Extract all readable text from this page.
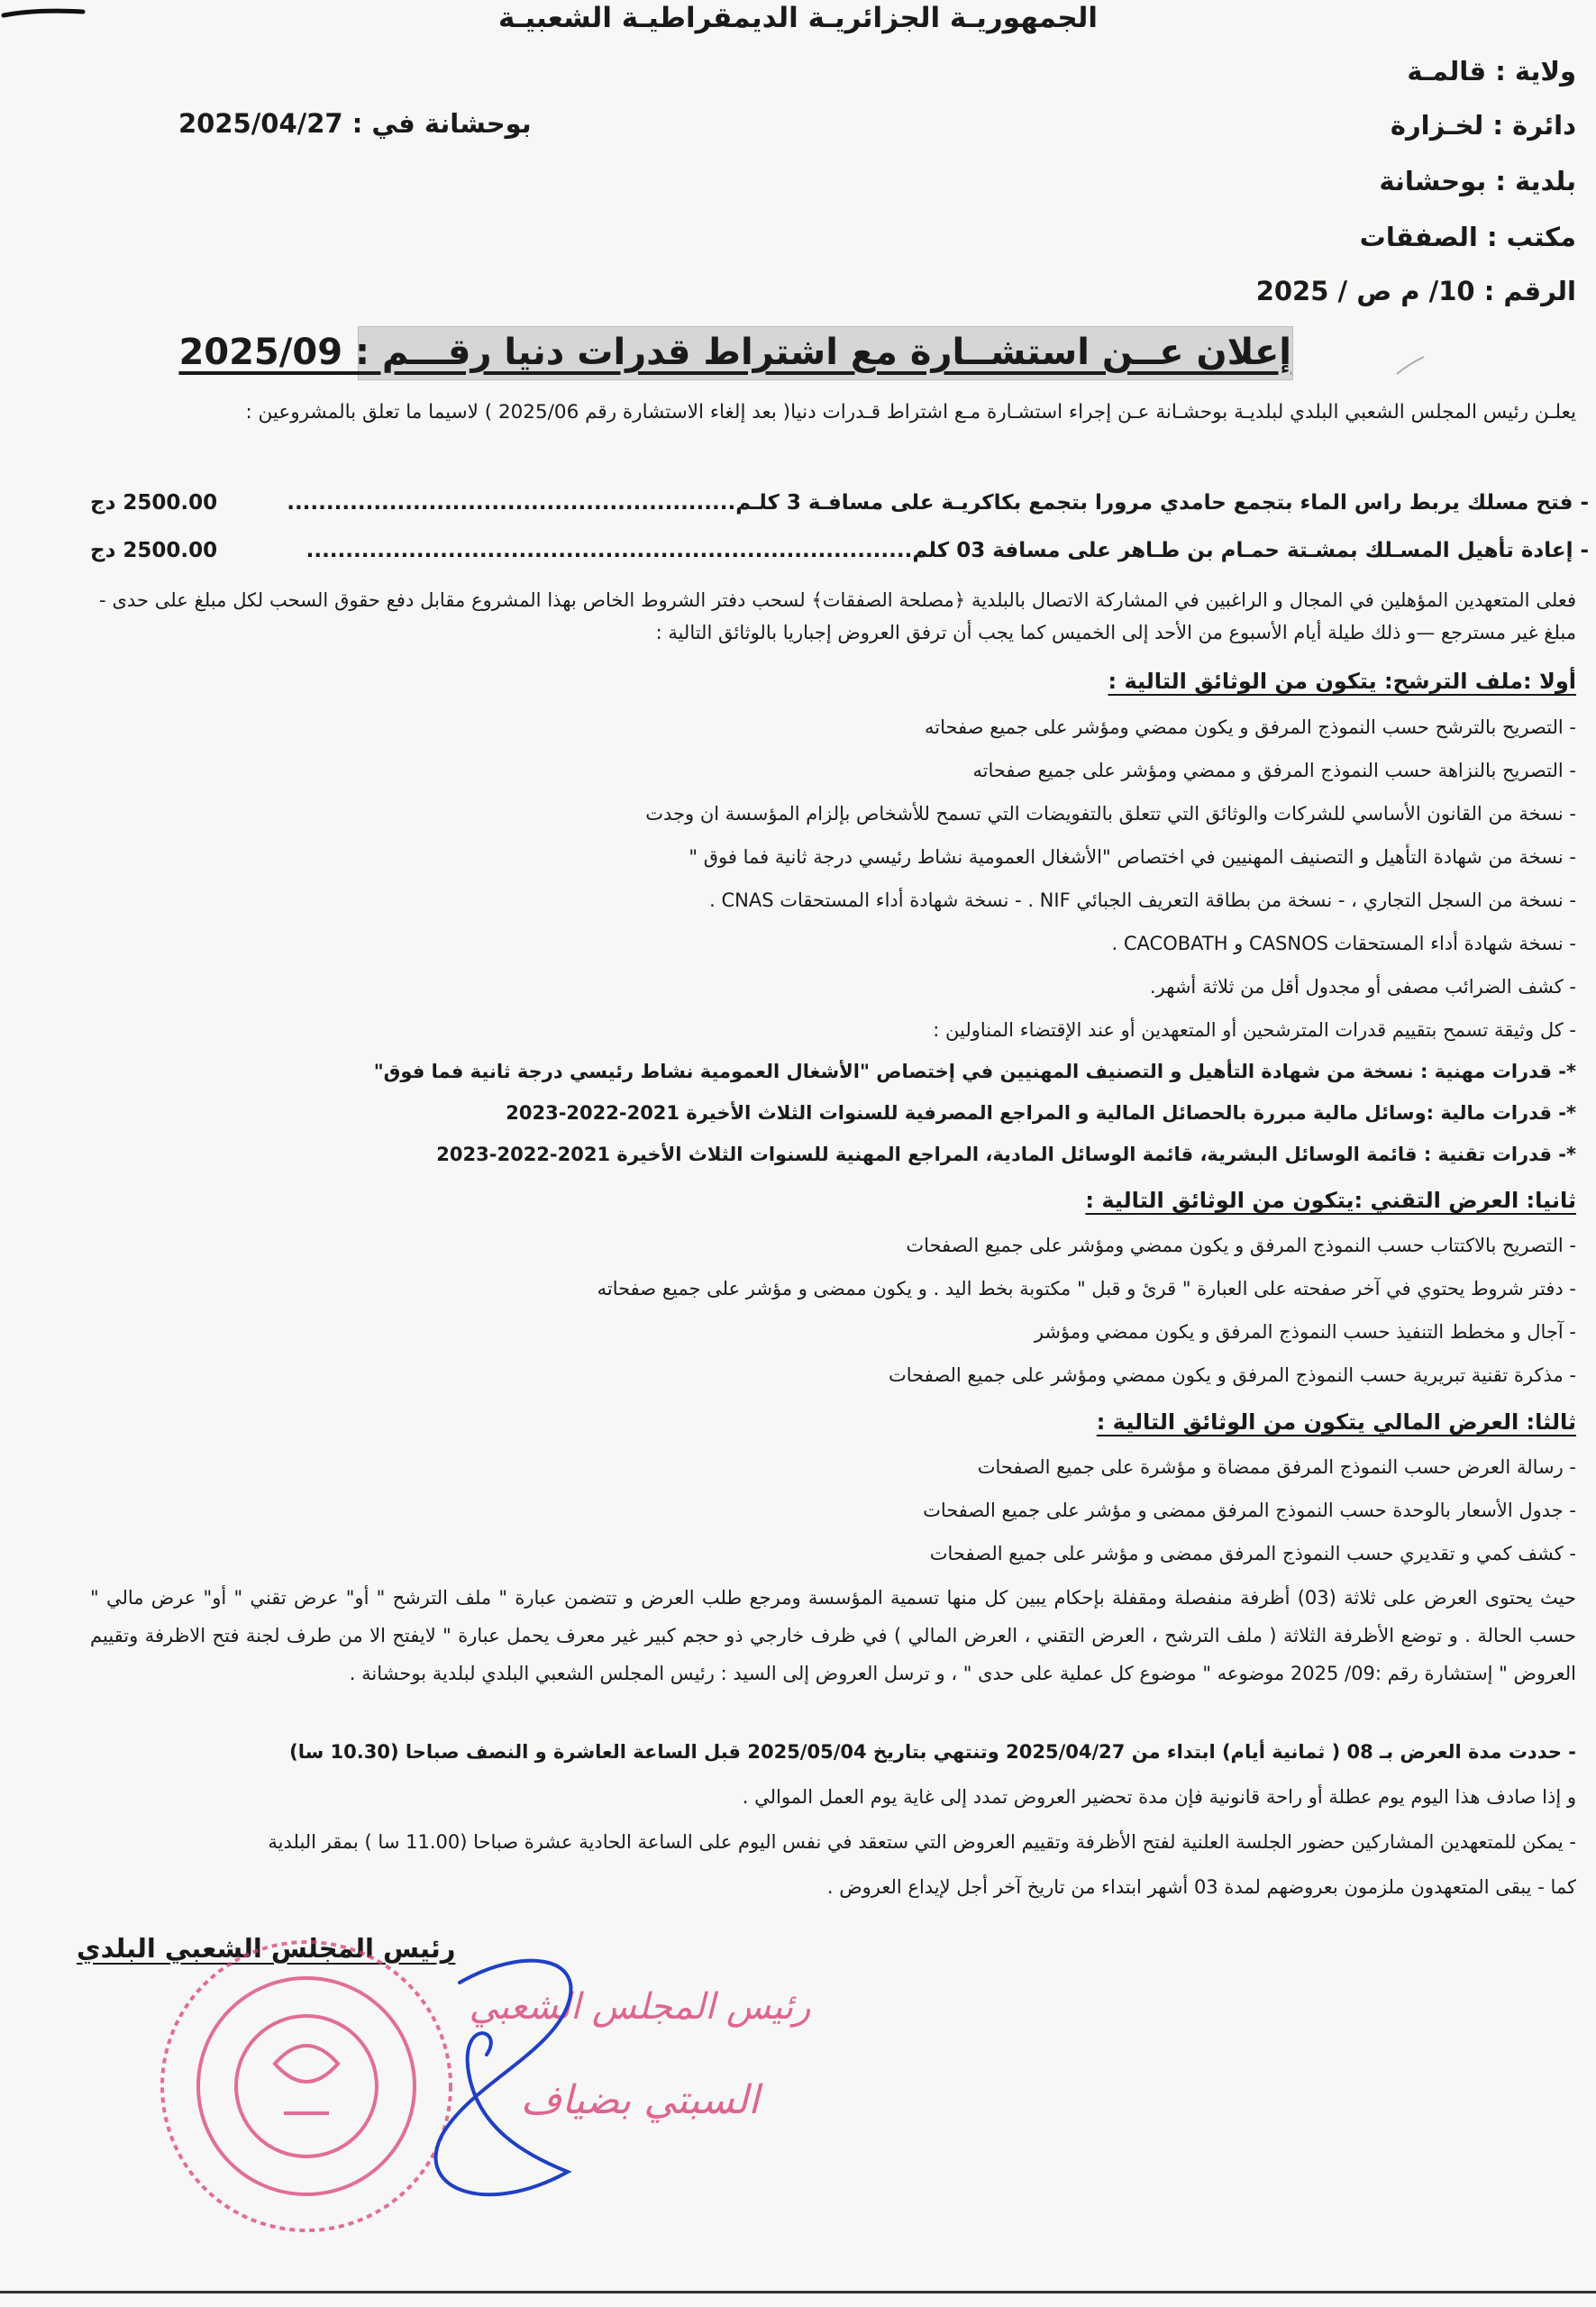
الجمهوريـة الجزائريـة الديمقراطيـة الشعبيـة
ولاية : قالمـة
دائرة : لخـزارة
بلدية : بوحشانة
مكتب : الصفقات
الرقم : 10/ م ص / 2025
بوحشانة في : 2025/04/27
إعلان عــن استشــارة مع اشتراط قدرات دنيا رقـــم : 2025/09
يعلـن رئيس المجلس الشعبي البلدي لبلديـة بوحشـانة عـن إجراء استشـارة مـع اشتراط قـدرات دنيا( بعد إلغاء الاستشارة رقم 2025/06 ) لاسيما ما تعلق بالمشروعين :
- فتح مسلك يربط راس الماء بتجمع حامدي مرورا بتجمع بكاكريـة على مسافـة 3 كلـم.........................................................
2500.00 دج
- إعادة تأهيل المسـلك بمشـتة حمـام بن طـاهر على مسافة 03 كلم.............................................................................
2500.00 دج
فعلى المتعهدين المؤهلين في المجال و الراغبين في المشاركة الاتصال بالبلدية ﴿مصلحة الصفقات﴾ لسحب دفتر الشروط الخاص بهذا المشروع مقابل دفع حقوق السحب لكل مبلغ على حدى - مبلغ غير مسترجع —و ذلك طيلة أيام الأسبوع من الأحد إلى الخميس كما يجب أن ترفق العروض إجباريا بالوثائق التالية :
أولا :ملف الترشح: يتكون من الوثائق التالية :
- التصريح بالترشح حسب النموذج المرفق و يكون ممضي ومؤشر على جميع صفحاته
- التصريح بالنزاهة حسب النموذج المرفق و ممضي ومؤشر على جميع صفحاته
- نسخة من القانون الأساسي للشركات والوثائق التي تتعلق بالتفويضات التي تسمح للأشخاص بإلزام المؤسسة ان وجدت
- نسخة من شهادة التأهيل و التصنيف المهنيين في اختصاص "الأشغال العمومية نشاط رئيسي درجة ثانية فما فوق "
- نسخة من السجل التجاري ، - نسخة من بطاقة التعريف الجبائي NIF . - نسخة شهادة أداء المستحقات CNAS .
- نسخة شهادة أداء المستحقات CASNOS و CACOBATH .
- كشف الضرائب مصفى أو مجدول أقل من ثلاثة أشهر.
- كل وثيقة تسمح بتقييم قدرات المترشحين أو المتعهدين أو عند الإقتضاء المناولين :
*- قدرات مهنية : نسخة من شهادة التأهيل و التصنيف المهنيين في إختصاص "الأشغال العمومية نشاط رئيسي درجة ثانية فما فوق"
*- قدرات مالية :وسائل مالية مبررة بالحصائل المالية و المراجع المصرفية للسنوات الثلاث الأخيرة 2021-2022-2023
*- قدرات تقنية : قائمة الوسائل البشرية، قائمة الوسائل المادية، المراجع المهنية للسنوات الثلاث الأخيرة 2021-2022-2023
ثانيا: العرض التقني :يتكون من الوثائق التالية :
- التصريح بالاكتتاب حسب النموذج المرفق و يكون ممضي ومؤشر على جميع الصفحات
- دفتر شروط يحتوي في آخر صفحته على العبارة " قرئ و قبل " مكتوبة بخط اليد . و يكون ممضى و مؤشر على جميع صفحاته
- آجال و مخطط التنفيذ حسب النموذج المرفق و يكون ممضي ومؤشر
- مذكرة تقنية تبريرية حسب النموذج المرفق و يكون ممضي ومؤشر على جميع الصفحات
ثالثا: العرض المالي يتكون من الوثائق التالية :
- رسالة العرض حسب النموذج المرفق ممضاة و مؤشرة على جميع الصفحات
- جدول الأسعار بالوحدة حسب النموذج المرفق ممضى و مؤشر على جميع الصفحات
- كشف كمي و تقديري حسب النموذج المرفق ممضى و مؤشر على جميع الصفحات
حيث يحتوى العرض على ثلاثة (03) أظرفة منفصلة ومقفلة بإحكام يبين كل منها تسمية المؤسسة ومرجع طلب العرض و تتضمن عبارة " ملف الترشح " أو" عرض تقني " أو" عرض مالي " حسب الحالة . و توضع الأظرفة الثلاثة ( ملف الترشح ، العرض التقني ، العرض المالي ) في ظرف خارجي ذو حجم كبير غير معرف يحمل عبارة " لايفتح الا من طرف لجنة فتح الاظرفة وتقييم العروض " إستشارة رقم :09/ 2025 موضوعه " موضوع كل عملية على حدى " ، و ترسل العروض إلى السيد : رئيس المجلس الشعبي البلدي لبلدية بوحشانة .
- حددت مدة العرض بـ 08 ( ثمانية أيام) ابتداء من 2025/04/27 وتنتهي بتاريخ 2025/05/04 قبل الساعة العاشرة و النصف صباحا (10.30 سا)
و إذا صادف هذا اليوم يوم عطلة أو راحة قانونية فإن مدة تحضير العروض تمدد إلى غاية يوم العمل الموالي .
- يمكن للمتعهدين المشاركين حضور الجلسة العلنية لفتح الأظرفة وتقييم العروض التي ستعقد في نفس اليوم على الساعة الحادية عشرة صباحا (11.00 سا ) بمقر البلدية
كما - يبقى المتعهدون ملزمون بعروضهم لمدة 03 أشهر ابتداء من تاريخ آخر أجل لإيداع العروض .
رئيس المجلس الشعبي البلدي
رئيس المجلس الشعبي
السبتي بضياف
